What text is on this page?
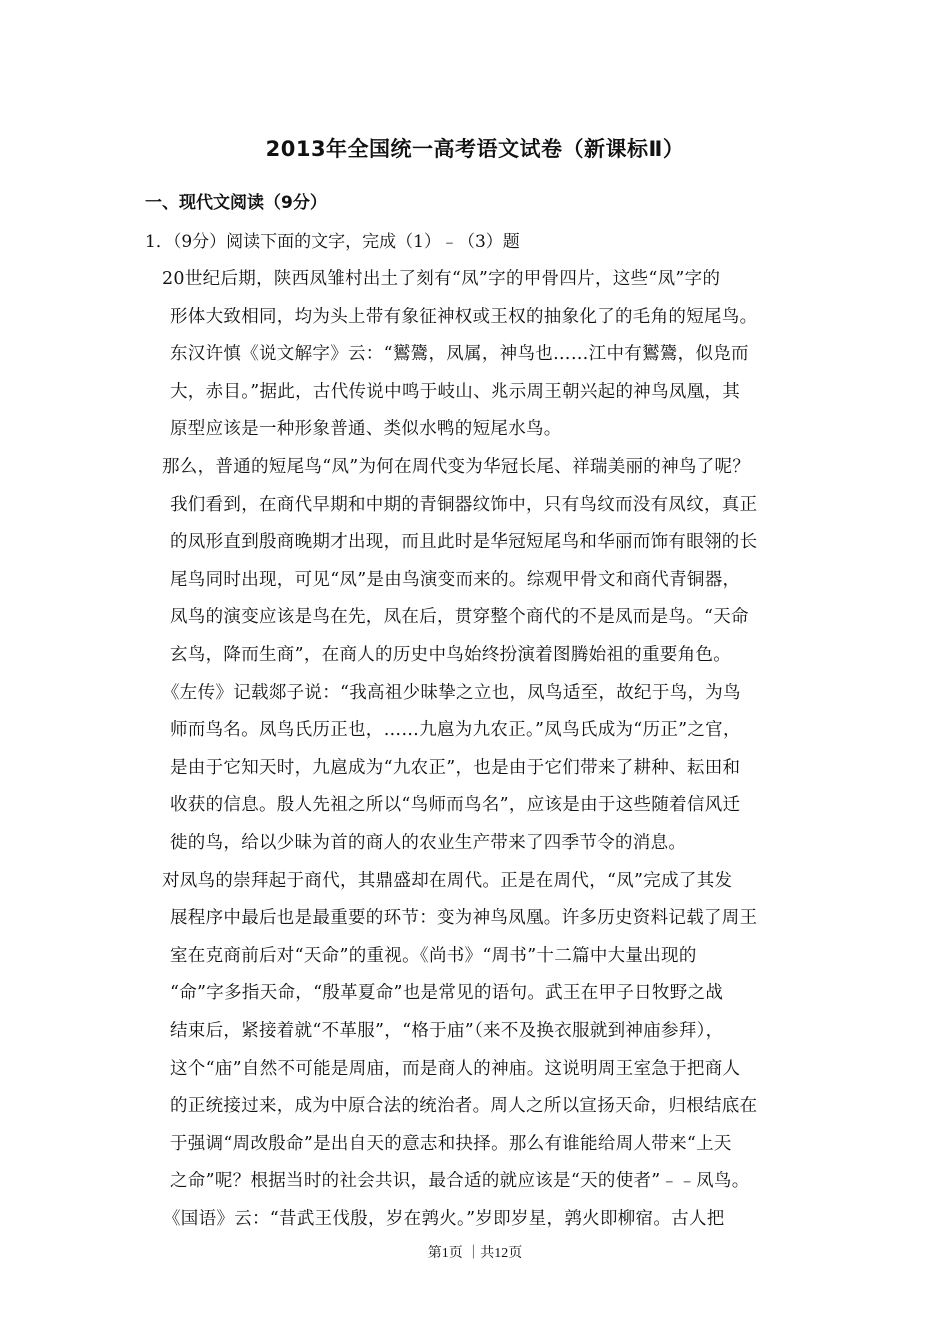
2013年全国统一高考语文试卷（新课标Ⅱ）
一、现代文阅读（9分）
1．（9分）阅读下面的文字，完成（1）﹣（3）题
20世纪后期，陕西凤雏村出土了刻有“凤”字的甲骨四片，这些“凤”字的
形体大致相同，均为头上带有象征神权或王权的抽象化了的毛角的短尾鸟。
东汉许慎《说文解字》云：“鸑鷟，凤属，神鸟也……江中有鸑鷟，似凫而
大，赤目。”据此，古代传说中鸣于岐山、兆示周王朝兴起的神鸟凤凰，其
原型应该是一种形象普通、类似水鸭的短尾水鸟。
那么，普通的短尾鸟“凤”为何在周代变为华冠长尾、祥瑞美丽的神鸟了呢？
我们看到，在商代早期和中期的青铜器纹饰中，只有鸟纹而没有凤纹，真正
的凤形直到殷商晚期才出现，而且此时是华冠短尾鸟和华丽而饰有眼翎的长
尾鸟同时出现，可见“凤”是由鸟演变而来的。综观甲骨文和商代青铜器，
凤鸟的演变应该是鸟在先，凤在后，贯穿整个商代的不是凤而是鸟。“天命
玄鸟，降而生商”，在商人的历史中鸟始终扮演着图腾始祖的重要角色。
《左传》记载郯子说：“我高祖少昧挚之立也，凤鸟适至，故纪于鸟，为鸟
师而鸟名。凤鸟氏历正也，……九扈为九农正。”凤鸟氏成为“历正”之官，
是由于它知天时，九扈成为“九农正”，也是由于它们带来了耕种、耘田和
收获的信息。殷人先祖之所以“鸟师而鸟名”，应该是由于这些随着信风迁
徙的鸟，给以少昧为首的商人的农业生产带来了四季节令的消息。
对凤鸟的崇拜起于商代，其鼎盛却在周代。正是在周代，“凤”完成了其发
展程序中最后也是最重要的环节：变为神鸟凤凰。许多历史资料记载了周王
室在克商前后对“天命”的重视。《尚书》“周书”十二篇中大量出现的
“命”字多指天命，“殷革夏命”也是常见的语句。武王在甲子日牧野之战
结束后，紧接着就“不革服”，“格于庙”（来不及换衣服就到神庙参拜），
这个“庙”自然不可能是周庙，而是商人的神庙。这说明周王室急于把商人
的正统接过来，成为中原合法的统治者。周人之所以宣扬天命，归根结底在
于强调“周改殷命”是出自天的意志和抉择。那么有谁能给周人带来“上天
之命”呢？根据当时的社会共识，最合适的就应该是“天的使者”﹣﹣凤鸟。
《国语》云：“昔武王伐殷，岁在鹑火。”岁即岁星，鹑火即柳宿。古人把
第1页 ｜共12页
